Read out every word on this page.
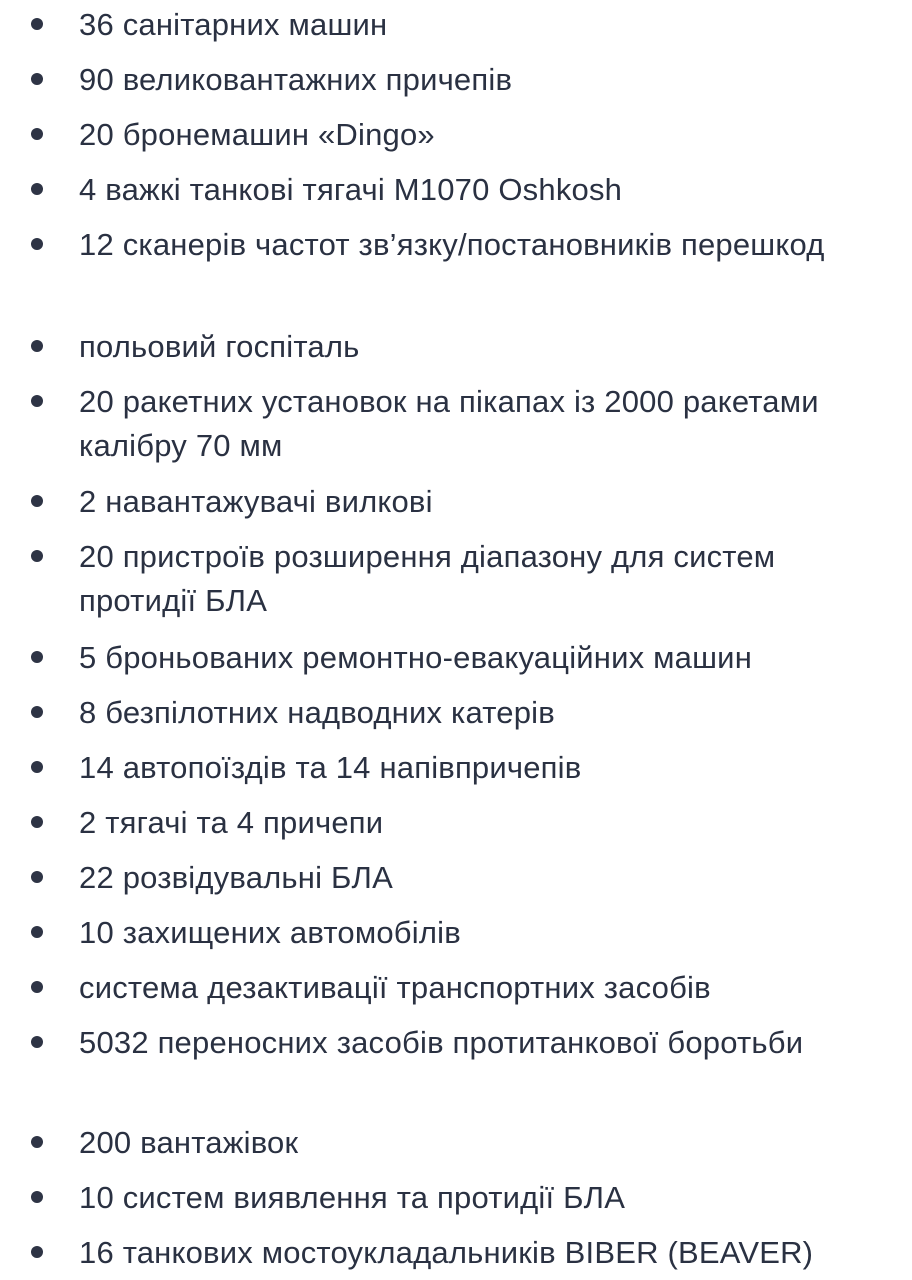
36 санітарних машин
90 великовантажних причепів
20 бронемашин «Dingo»
4 важкі танкові тягачі M1070 Oshkosh
12 сканерів частот зв’язку/постановників перешкод
польовий госпіталь
20 ракетних установок на пікапах із 2000 ракетами калібру 70 мм
2 навантажувачі вилкові
20 пристроїв розширення діапазону для систем протидії БЛА
5 броньованих ремонтно-евакуаційних машин
8 безпілотних надводних катерів
14 автопоїздів та 14 напівпричепів
2 тягачі та 4 причепи
22 розвідувальні БЛА
10 захищених автомобілів
система дезактивації транспортних засобів
5032 переносних засобів протитанкової боротьби
200 вантажівок
10 систем виявлення та протидії БЛА
16 танкових мостоукладальників BIBER (BEAVER)
